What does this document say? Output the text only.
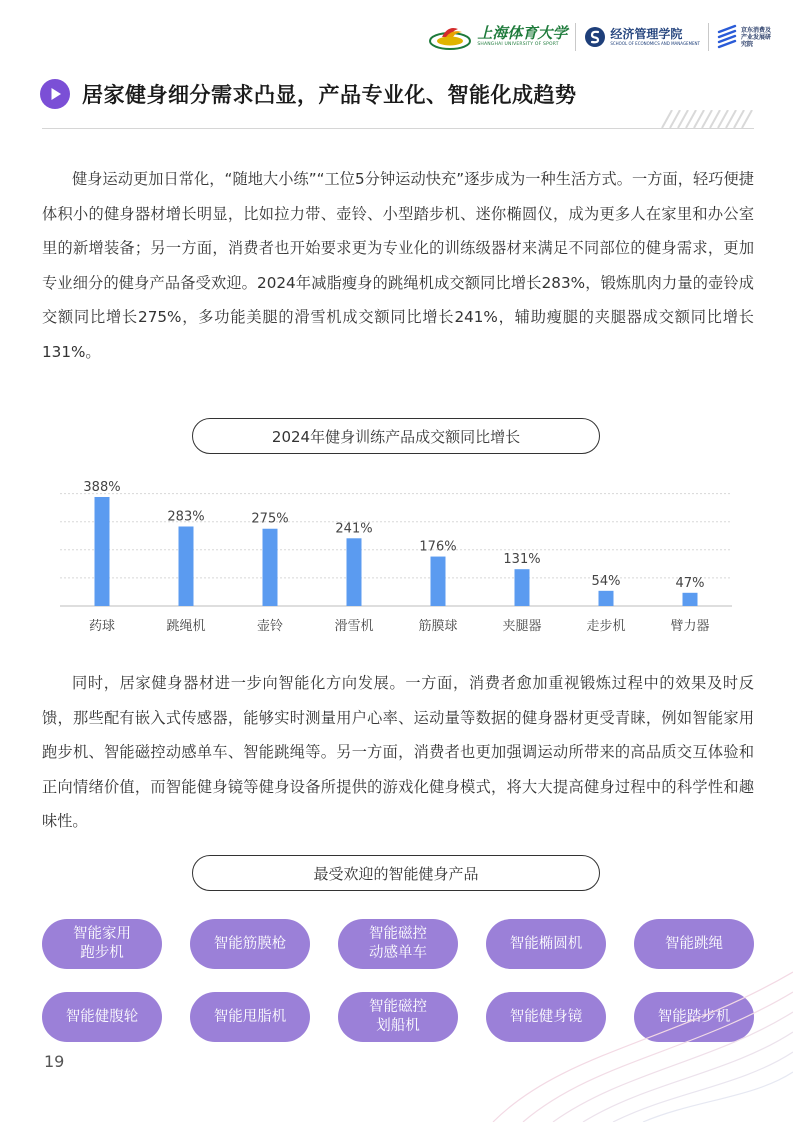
上海体育大学
SHANGHAI UNIVERSITY OF SPORT
经济管理学院
SCHOOL OF ECONOMICS AND MANAGEMENT
京东消费及产业发展研究院
居家健身细分需求凸显，产品专业化、智能化成趋势

健身运动更加日常化，“随地大小练”“工位5分钟运动快充”逐步成为一种生活方式。一方面，轻巧便捷体积小的健身器材增长明显，比如拉力带、壶铃、小型踏步机、迷你椭圆仪，成为更多人在家里和办公室里的新增装备；另一方面，消费者也开始要求更为专业化的训练级器材来满足不同部位的健身需求，更加专业细分的健身产品备受欢迎。2024年减脂瘦身的跳绳机成交额同比增长283%，锻炼肌肉力量的壶铃成交额同比增长275%，多功能美腿的滑雪机成交额同比增长241%，辅助瘦腿的夹腿器成交额同比增长131%。

2024年健身训练产品成交额同比增长
388%
药球
283%
跳绳机
275%
壶铃
241%
滑雪机
176%
筋膜球
131%
夹腿器
54%
走步机
47%
臂力器

同时，居家健身器材进一步向智能化方向发展。一方面，消费者愈加重视锻炼过程中的效果及时反馈，那些配有嵌入式传感器，能够实时测量用户心率、运动量等数据的健身器材更受青睐，例如智能家用跑步机、智能磁控动感单车、智能跳绳等。另一方面，消费者也更加强调运动所带来的高品质交互体验和正向情绪价值，而智能健身镜等健身设备所提供的游戏化健身模式，将大大提高健身过程中的科学性和趣味性。

最受欢迎的智能健身产品
智能家用
跑步机
智能筋膜枪
智能磁控
动感单车
智能椭圆机	智能跳绳
智能健腹轮	智能甩脂机
智能磁控
划船机
智能健身镜	智能踏步机
19
